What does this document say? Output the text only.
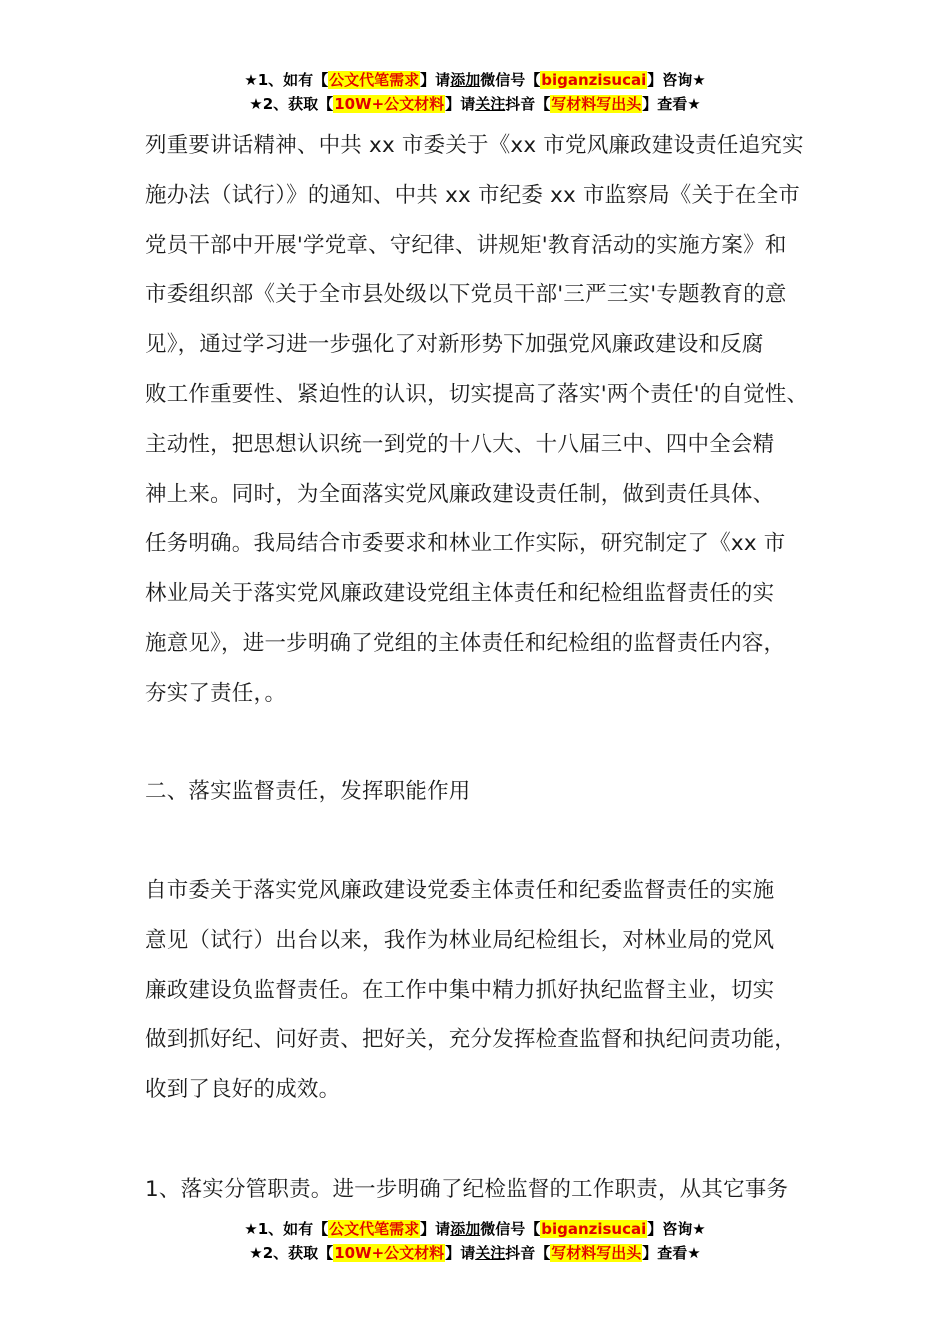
★1、如有【公文代笔需求】请添加微信号【biganzisucai】咨询★
★2、获取【10W+公文材料】请关注抖音【写材料写出头】查看★

列重要讲话精神、中共 xx 市委关于《xx 市党风廉政建设责任追究实

施办法（试行）》的通知、中共 xx 市纪委 xx 市监察局《关于在全市

党员干部中开展'学党章、守纪律、讲规矩'教育活动的实施方案》和

市委组织部《关于全市县处级以下党员干部'三严三实'专题教育的意

见》，通过学习进一步强化了对新形势下加强党风廉政建设和反腐

败工作重要性、紧迫性的认识，切实提高了落实'两个责任'的自觉性、

主动性，把思想认识统一到党的十八大、十八届三中、四中全会精

神上来。同时，为全面落实党风廉政建设责任制，做到责任具体、

任务明确。我局结合市委要求和林业工作实际，研究制定了《xx 市

林业局关于落实党风廉政建设党组主体责任和纪检组监督责任的实

施意见》，进一步明确了党组的主体责任和纪检组的监督责任内容，

夯实了责任，。

二、落实监督责任，发挥职能作用

自市委关于落实党风廉政建设党委主体责任和纪委监督责任的实施

意见（试行）出台以来，我作为林业局纪检组长，对林业局的党风

廉政建设负监督责任。在工作中集中精力抓好执纪监督主业，切实

做到抓好纪、问好责、把好关，充分发挥检查监督和执纪问责功能，

收到了良好的成效。

1、落实分管职责。进一步明确了纪检监督的工作职责，从其它事务

★1、如有【公文代笔需求】请添加微信号【biganzisucai】咨询★
★2、获取【10W+公文材料】请关注抖音【写材料写出头】查看★
